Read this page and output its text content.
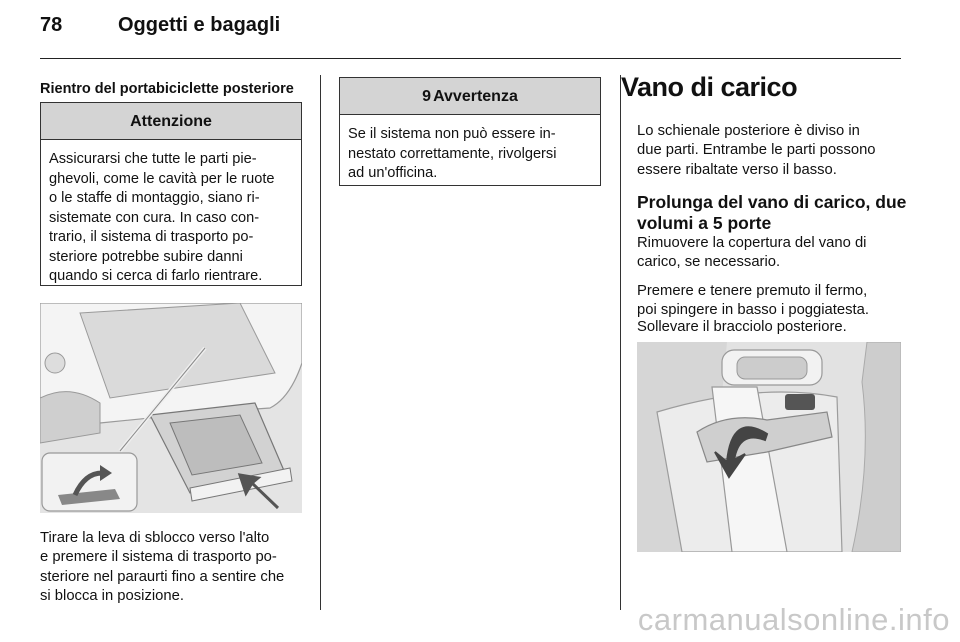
78	Oggetti e bagagli
Rientro del portabiciclette posteriore
Attenzione
Assicurarsi che tutte le parti pie-
ghevoli, come le cavità per le ruote
o le staffe di montaggio, siano ri-
sistemate con cura. In caso con-
trario, il sistema di trasporto po-
steriore potrebbe subire danni
quando si cerca di farlo rientrare.
Tirare la leva di sblocco verso l'alto
e premere il sistema di trasporto po-
steriore nel paraurti fino a sentire che
si blocca in posizione.
9 Avvertenza
Se il sistema non può essere in-
nestato correttamente, rivolgersi
ad un'officina.
Vano di carico
Lo schienale posteriore è diviso in
due parti. Entrambe le parti possono
essere ribaltate verso il basso.
Prolunga del vano di carico, due
volumi a 5 porte
Rimuovere la copertura del vano di
carico, se necessario.
Premere e tenere premuto il fermo,
poi spingere in basso i poggiatesta.
Sollevare il bracciolo posteriore.
carmanualsonline.info
